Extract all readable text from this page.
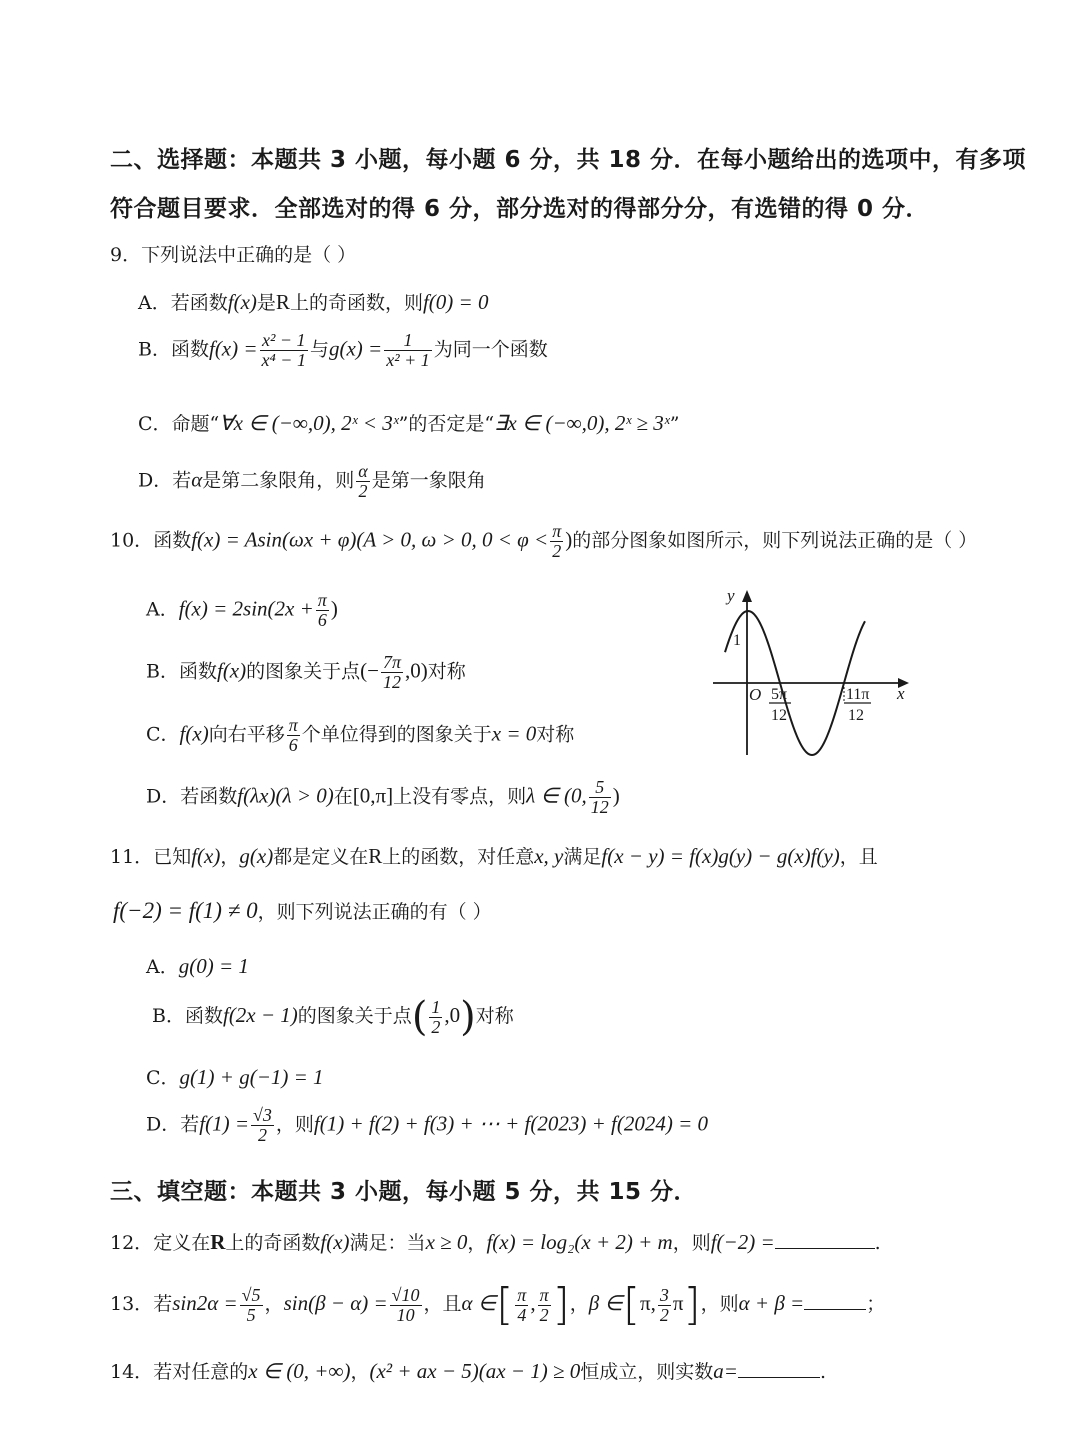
二、选择题：本题共 3 小题，每小题 6 分，共 18 分．在每小题给出的选项中，有多项
符合题目要求．全部选对的得 6 分，部分选对的得部分分，有选错的得 0 分．
9．下列说法中正确的是（ ）
A．若函数f(x)是R上的奇函数，则f(0) = 0
B．函数$f(x) = \frac{\text{x² − 1}}{\text{x⁴ − 1}}$ 与$g(x) = \frac{1}{\text{x² + 1}}$ 为同一个函数
C．命题“∀x ∈ (−∞,0), 2ˣ < 3ˣ”的否定是“∃x ∈ (−∞,0), 2ˣ ≥ 3ˣ”
D．若α是第二象限角，则 $\frac{\alpha}{2}$ 是第一象限角
10．函数f(x) = Asin(ωx + φ)(A > 0, ω > 0, $0 < \varphi < \frac{\pi}{2}$ )的部分图象如图所示，则下列说法正确的是（ ）
A．$f(x) = 2\sin(2x + \frac{\pi}{6}$ )
B．函数f(x)的图象关于点(− $\frac{7\pi}{12} ,0$)对称
C．f(x)向右平移 $\frac{\pi}{6}$ 个单位得到的图象关于x = 0对称
D．若函数f(λx)(λ > 0)在[0,π]上没有零点，则λ ∈ (0, $\frac{5}{12}$ )
y
x
1
O 5π
12
11π
12
11．已知f(x)，g(x)都是定义在R上的函数，对任意x, y满足f(x − y) = f(x)g(y) − g(x)f(y)，且
f(−2) = f(1) ≠ 0，则下列说法正确的有（ ）
A．g(0) = 1
B．函数f(2x − 1)的图象关于点( $\frac{1}{2} ,0$)对称
C．g(1) + g(−1) = 1
D．若$f(1) = \frac{√3}{2}$ ，则f(1) + f(2) + f(3) + ⋯ + f(2023) + f(2024) = 0
三、填空题：本题共 3 小题，每小题 5 分，共 15 分．
12．定义在R上的奇函数f(x)满足：当x ≥ 0，f(x) = log₂(x + 2) + m，则f(−2) =	.
13．若$\sin 2\alpha = \frac{√5}{5}$ ，$\sin(\beta - \alpha) = \frac{√10}{10}$ ，且α ∈[ $\frac{\pi}{4}$ , $\frac{\pi}{2}$ ]，β ∈[π, $\frac{3}{2} \pi$]，则α + β =	；
14．若对任意的x ∈ (0, +∞)，(x² + ax − 5)(ax − 1) ≥ 0恒成立，则实数a=	.
